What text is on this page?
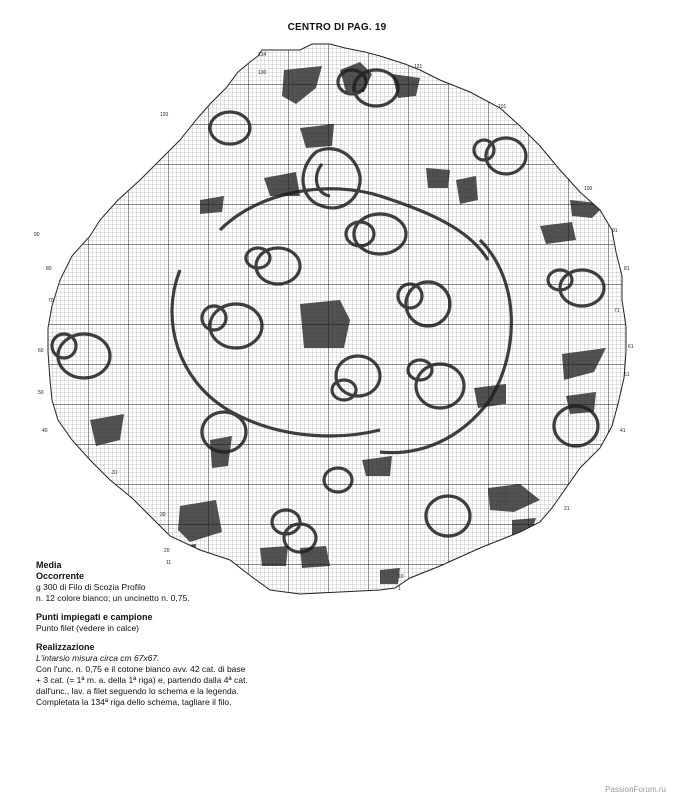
CENTRO DI PAG. 19
134
130
121
120
101
100
91
90
81
80
71
70
61
60
51
50
41
40
31
30
21
20
11
10
1
Media
Occorrente
g 300 di Filo di Scozia Profilo
n. 12 colore bianco; un uncinetto n. 0,75.
Punti impiegati e campione
Punto filet (vedere in calce)
Realizzazione
L'intarsio misura circa cm 67x67.
Con l'unc. n. 0,75 e il cotone bianco avv. 42 cat. di base
+ 3 cat. (= 1ª m. a. della 1ª riga) e, partendo dalla 4ª cat.
dall'unc., lav. a filet seguendo lo schema e la legenda.
Completata la 134ª riga dello schema, tagliare il filo.
PassionForum.ru
